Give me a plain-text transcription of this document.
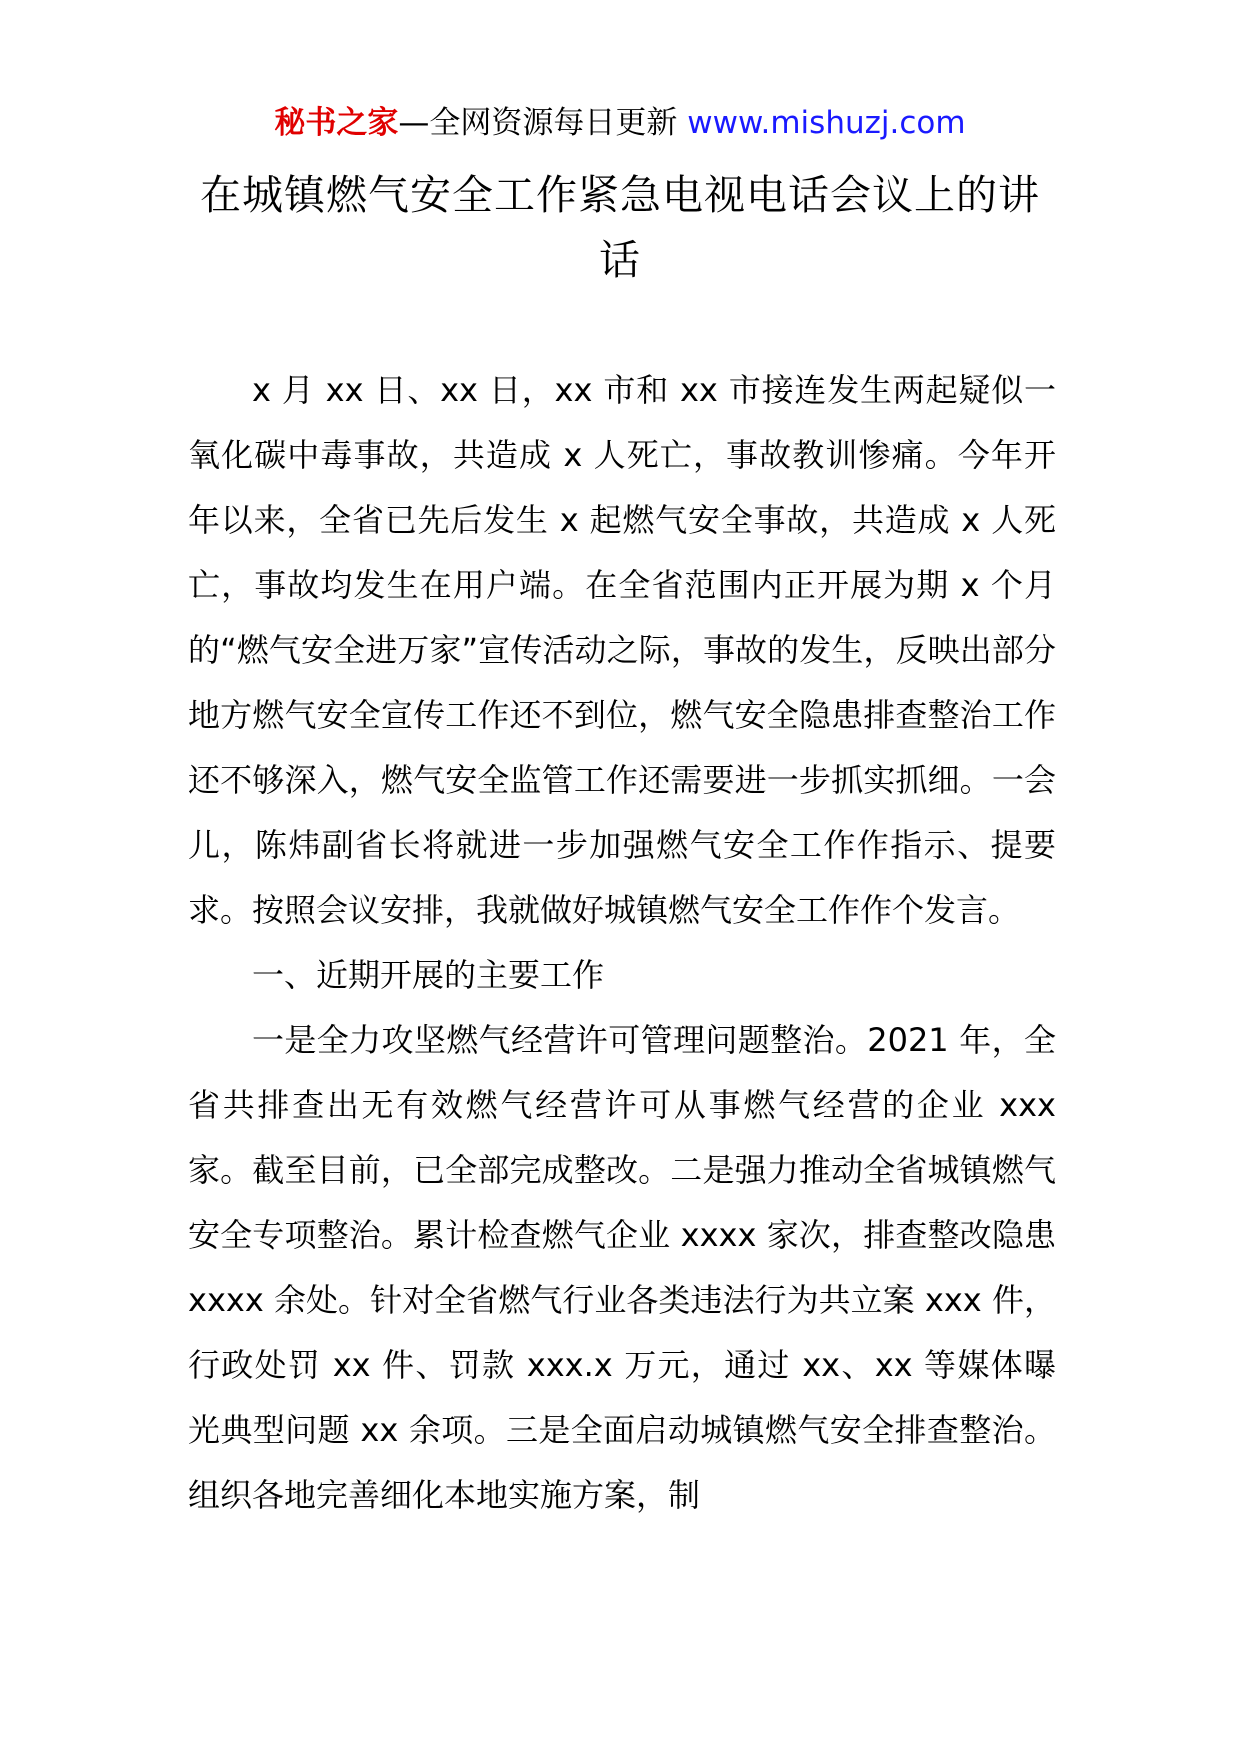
秘书之家—全网资源每日更新 www.mishuzj.com
在城镇燃气安全工作紧急电视电话会议上的讲话

x 月 xx 日、xx 日，xx 市和 xx 市接连发生两起疑似一氧化碳中毒事故，共造成 x 人死亡，事故教训惨痛。今年开年以来，全省已先后发生 x 起燃气安全事故，共造成 x 人死亡，事故均发生在用户端。在全省范围内正开展为期 x 个月的“燃气安全进万家”宣传活动之际，事故的发生，反映出部分地方燃气安全宣传工作还不到位，燃气安全隐患排查整治工作还不够深入，燃气安全监管工作还需要进一步抓实抓细。一会儿，陈炜副省长将就进一步加强燃气安全工作作指示、提要求。按照会议安排，我就做好城镇燃气安全工作作个发言。

一、近期开展的主要工作

一是全力攻坚燃气经营许可管理问题整治。2021 年，全省共排查出无有效燃气经营许可从事燃气经营的企业 xxx 家。截至目前，已全部完成整改。二是强力推动全省城镇燃气安全专项整治。累计检查燃气企业 xxxx 家次，排查整改隐患 xxxx 余处。针对全省燃气行业各类违法行为共立案 xxx 件，行政处罚 xx 件、罚款 xxx.x 万元，通过 xx、xx 等媒体曝光典型问题 xx 余项。三是全面启动城镇燃气安全排查整治。组织各地完善细化本地实施方案，制
